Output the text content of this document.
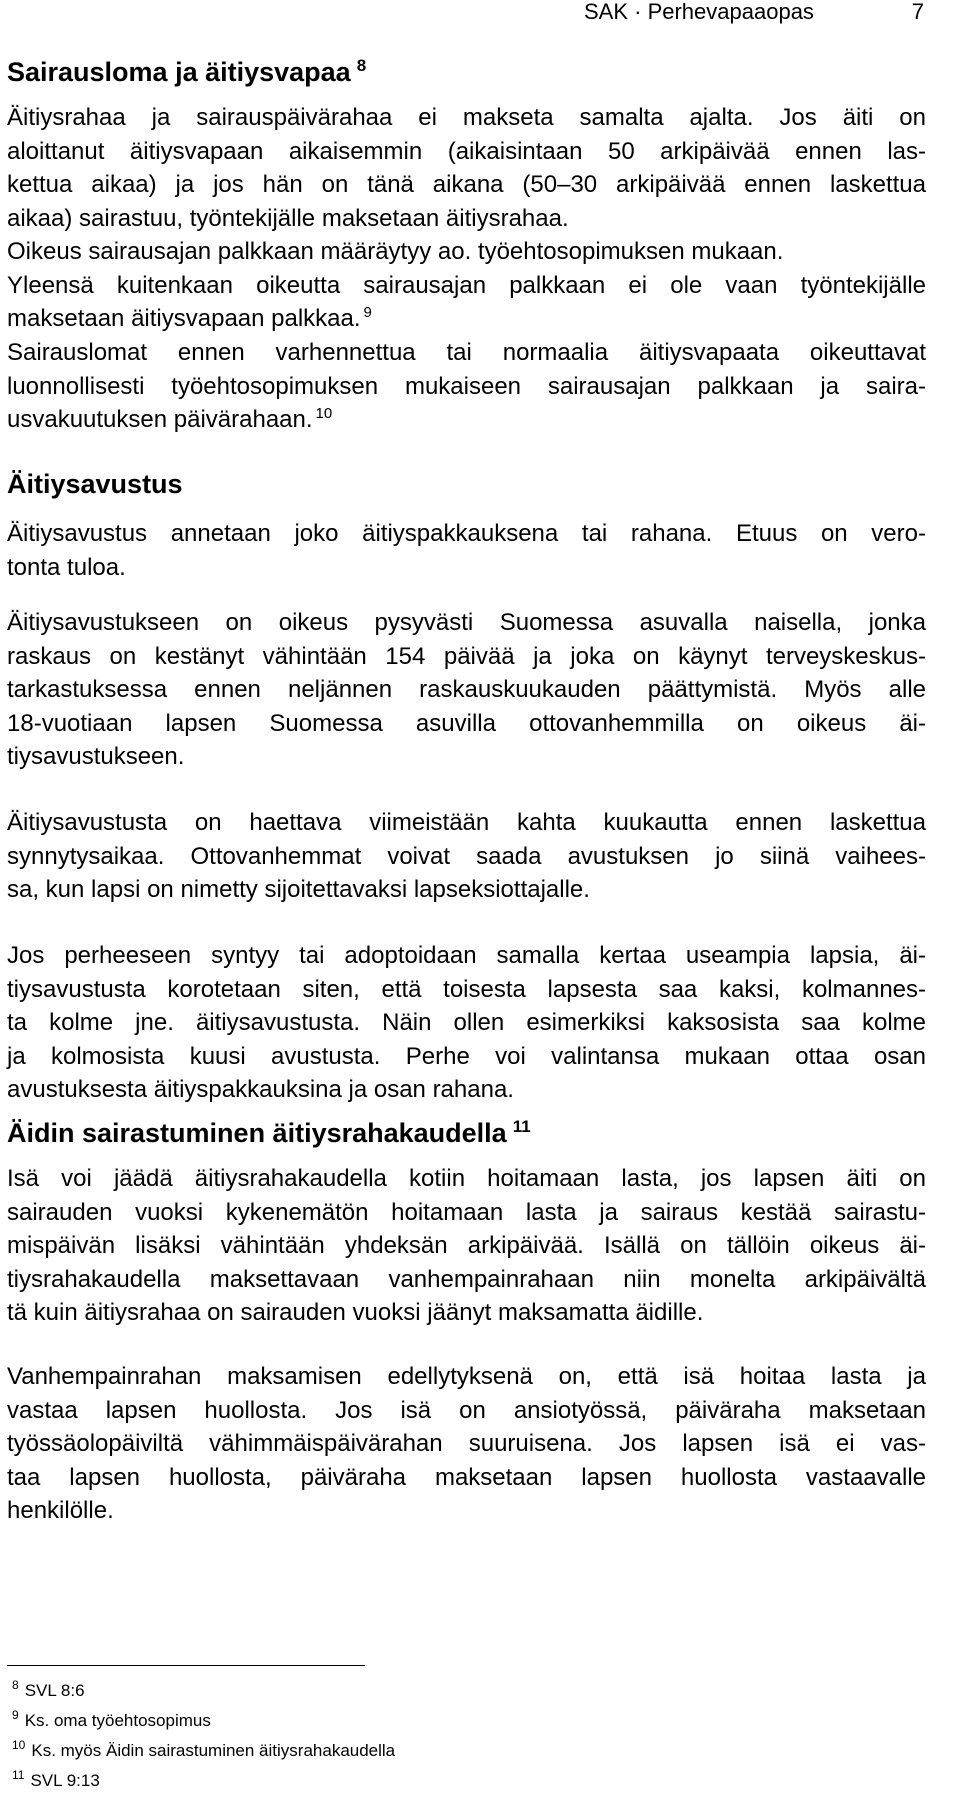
SAK · Perhevapaaopas	7
Sairausloma ja äitiysvapaa $^8$
Äitiysrahaa ja sairauspäivärahaa ei makseta samalta ajalta. Jos äiti on
aloittanut äitiysvapaan aikaisemmin (aikaisintaan 50 arkipäivää ennen las-
kettua aikaa) ja jos hän on tänä aikana (50–30 arkipäivää ennen laskettua
aikaa) sairastuu, työntekijälle maksetaan äitiysrahaa.
Oikeus sairausajan palkkaan määräytyy ao. työehtosopimuksen mukaan.
Yleensä kuitenkaan oikeutta sairausajan palkkaan ei ole vaan työntekijälle
maksetaan äitiysvapaan palkkaa. $^9$
Sairauslomat ennen varhennettua tai normaalia äitiysvapaata oikeuttavat
luonnollisesti työehtosopimuksen mukaiseen sairausajan palkkaan ja saira-
usvakuutuksen päivärahaan. $^{10}$
Äitiysavustus
Äitiysavustus annetaan joko äitiyspakkauksena tai rahana. Etuus on vero-
tonta tuloa.
Äitiysavustukseen on oikeus pysyvästi Suomessa asuvalla naisella, jonka
raskaus on kestänyt vähintään 154 päivää ja joka on käynyt terveyskeskus-
tarkastuksessa ennen neljännen raskauskuukauden päättymistä. Myös alle
18-vuotiaan lapsen Suomessa asuvilla ottovanhemmilla on oikeus äi-
tiysavustukseen.
Äitiysavustusta on haettava viimeistään kahta kuukautta ennen laskettua
synnytysaikaa. Ottovanhemmat voivat saada avustuksen jo siinä vaihees-
sa, kun lapsi on nimetty sijoitettavaksi lapseksiottajalle.
Jos perheeseen syntyy tai adoptoidaan samalla kertaa useampia lapsia, äi-
tiysavustusta korotetaan siten, että toisesta lapsesta saa kaksi, kolmannes-
ta kolme jne. äitiysavustusta. Näin ollen esimerkiksi kaksosista saa kolme
ja kolmosista kuusi avustusta. Perhe voi valintansa mukaan ottaa osan
avustuksesta äitiyspakkauksina ja osan rahana.
Äidin sairastuminen äitiysrahakaudella $^{11}$
Isä voi jäädä äitiysrahakaudella kotiin hoitamaan lasta, jos lapsen äiti on
sairauden vuoksi kykenemätön hoitamaan lasta ja sairaus kestää sairastu-
mispäivän lisäksi vähintään yhdeksän arkipäivää. Isällä on tällöin oikeus äi-
tiysrahakaudella maksettavaan vanhempainrahaan niin monelta arkipäivältä
tä kuin äitiysrahaa on sairauden vuoksi jäänyt maksamatta äidille.
Vanhempainrahan maksamisen edellytyksenä on, että isä hoitaa lasta ja
vastaa lapsen huollosta. Jos isä on ansiotyössä, päiväraha maksetaan
työssäolopäiviltä vähimmäispäivärahan suuruisena. Jos lapsen isä ei vas-
taa lapsen huollosta, päiväraha maksetaan lapsen huollosta vastaavalle
henkilölle.
$^8$ SVL 8:6
$^9$ Ks. oma työehtosopimus
$^{10}$ Ks. myös Äidin sairastuminen äitiysrahakaudella
$^{11}$ SVL 9:13
